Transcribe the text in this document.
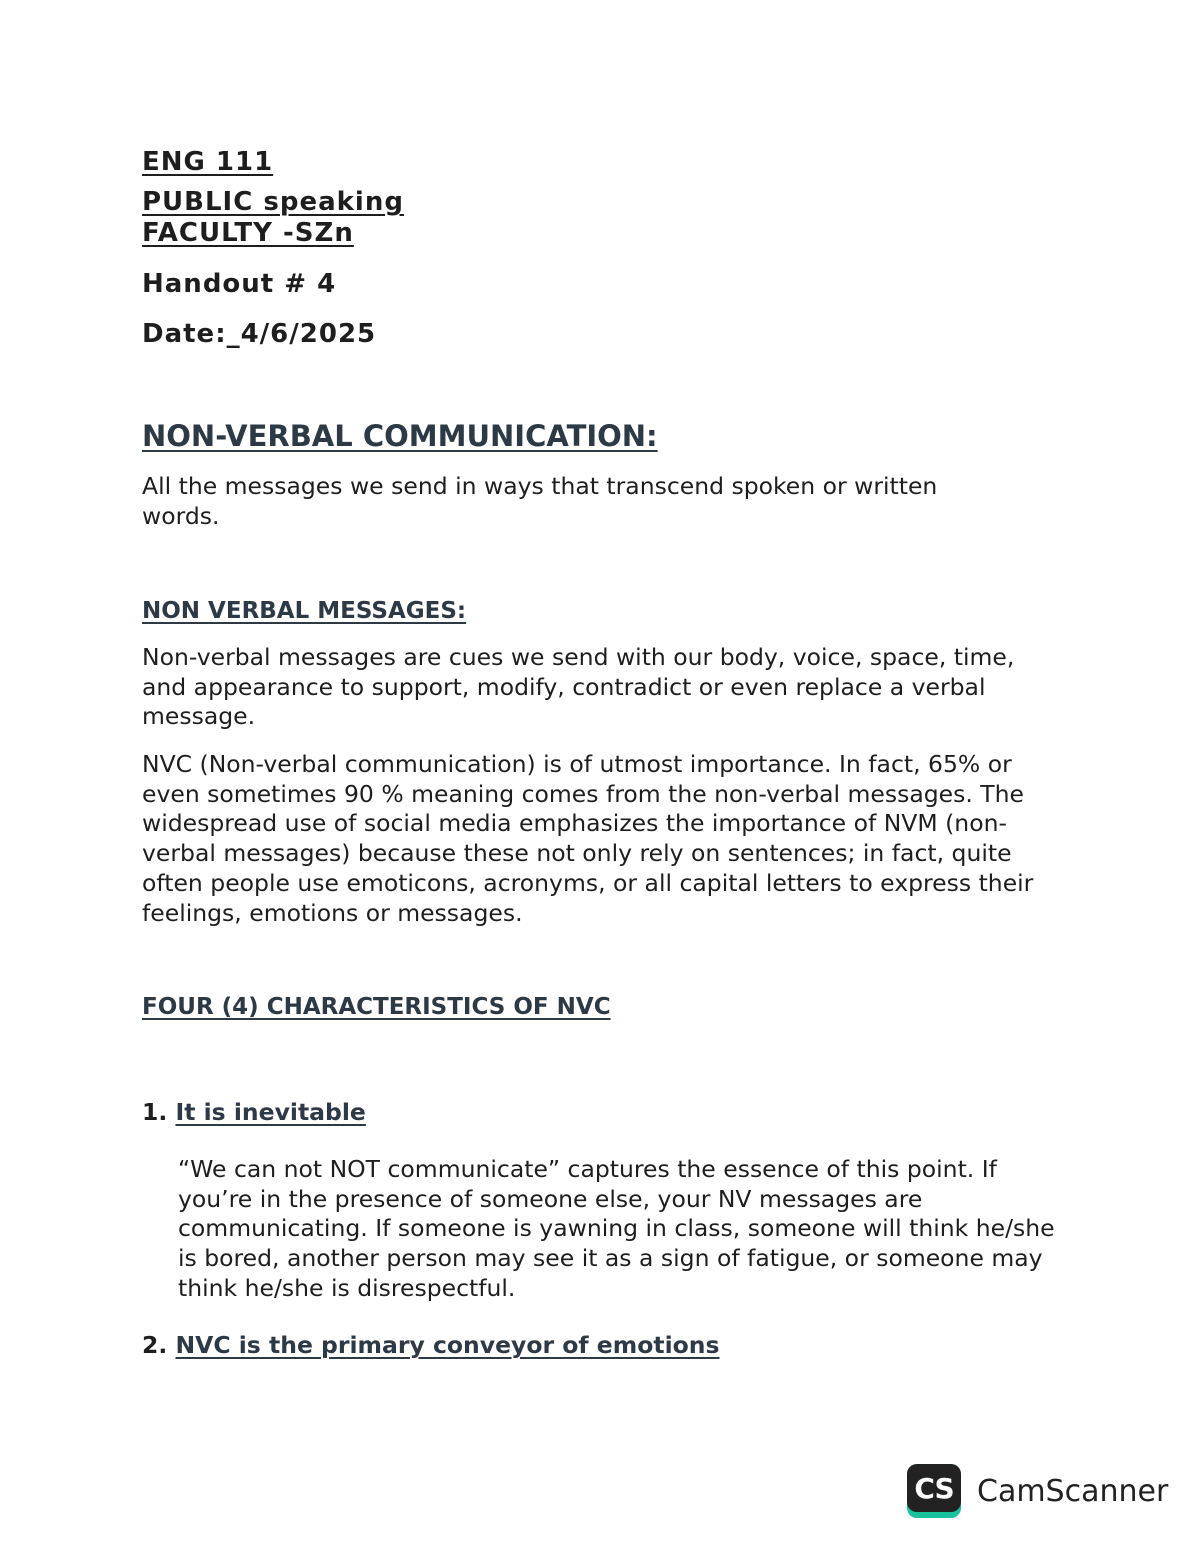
ENG 111
PUBLIC speaking
FACULTY -SZn
Handout # 4
Date:_4/6/2025
NON-VERBAL COMMUNICATION:
All the messages we send in ways that transcend spoken or written words.
NON VERBAL MESSAGES:
Non-verbal messages are cues we send with our body, voice, space, time, and appearance to support, modify, contradict or even replace a verbal message.
NVC (Non-verbal communication) is of utmost importance. In fact, 65% or even sometimes 90 % meaning comes from the non-verbal messages. The widespread use of social media emphasizes the importance of NVM (non-verbal messages) because these not only rely on sentences; in fact, quite often people use emoticons, acronyms, or all capital letters to express their feelings, emotions or messages.
FOUR (4) CHARACTERISTICS OF NVC
1. It is inevitable
“We can not NOT communicate” captures the essence of this point. If you’re in the presence of someone else, your NV messages are communicating. If someone is yawning in class, someone will think he/she is bored, another person may see it as a sign of fatigue, or someone may think he/she is disrespectful.
2. NVC is the primary conveyor of emotions
CS CamScanner
